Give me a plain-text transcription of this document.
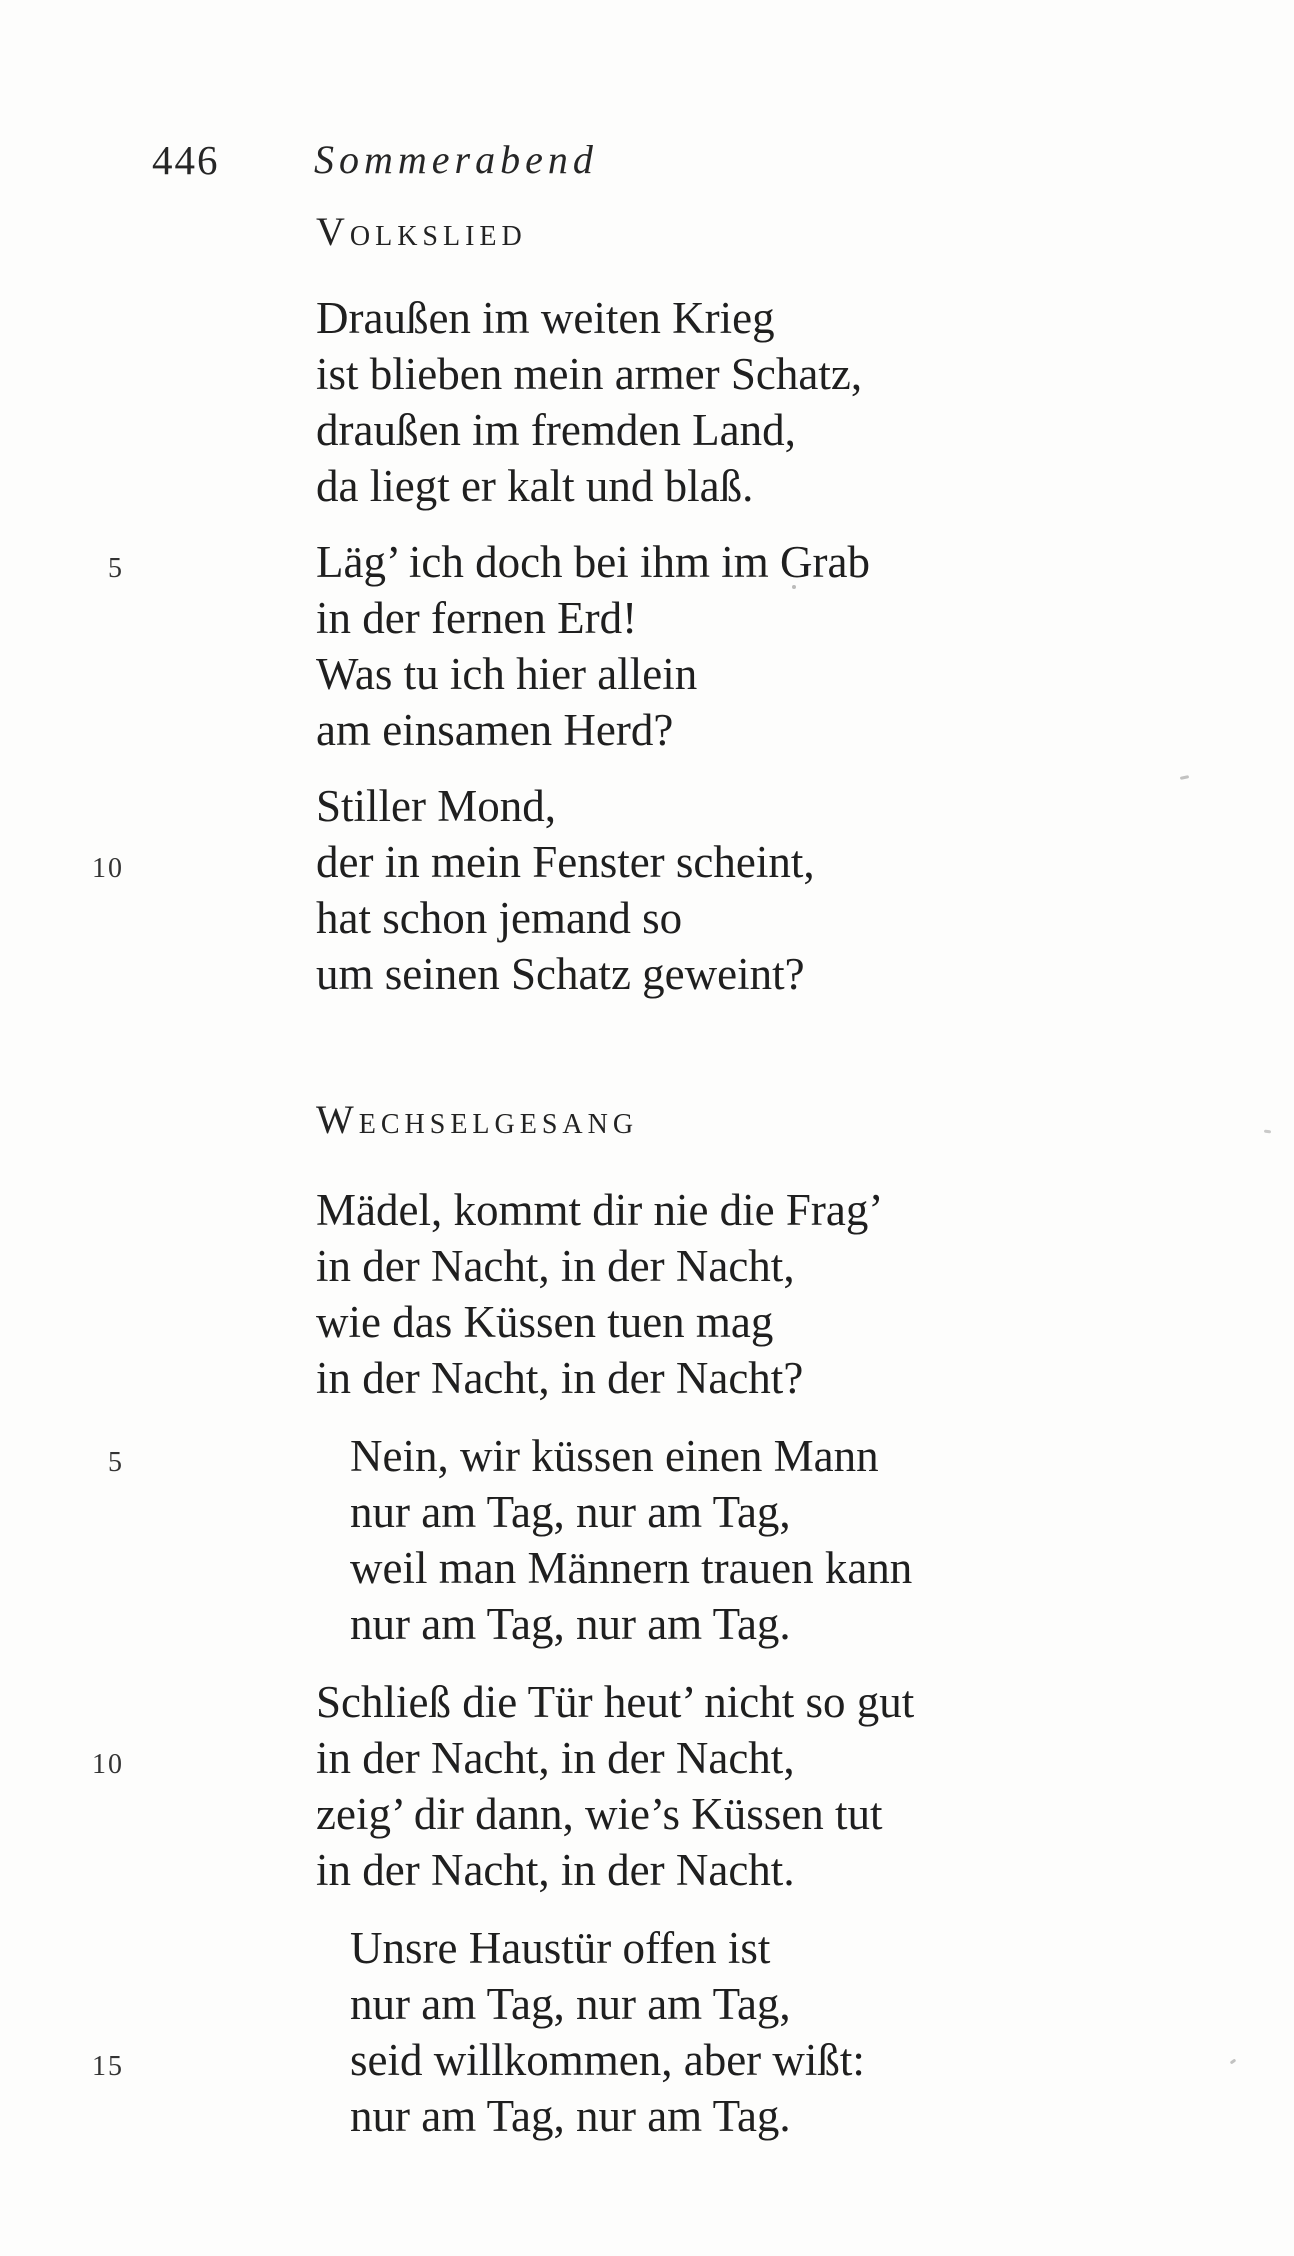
446 Sommerabend
Volkslied
Draußen im weiten Krieg
ist blieben mein armer Schatz,
draußen im fremden Land,
da liegt er kalt und blaß.
5	Läg’ ich doch bei ihm im Grab
in der fernen Erd!
Was tu ich hier allein
am einsamen Herd?
Stiller Mond,
10	der in mein Fenster scheint,
hat schon jemand so
um seinen Schatz geweint?
Wechselgesang
Mädel, kommt dir nie die Frag’
in der Nacht, in der Nacht,
wie das Küssen tuen mag
in der Nacht, in der Nacht?
5	Nein, wir küssen einen Mann
nur am Tag, nur am Tag,
weil man Männern trauen kann
nur am Tag, nur am Tag.
Schließ die Tür heut’ nicht so gut
10	in der Nacht, in der Nacht,
zeig’ dir dann, wie’s Küssen tut
in der Nacht, in der Nacht.
Unsre Haustür offen ist
nur am Tag, nur am Tag,
15	seid willkommen, aber wißt:
nur am Tag, nur am Tag.
